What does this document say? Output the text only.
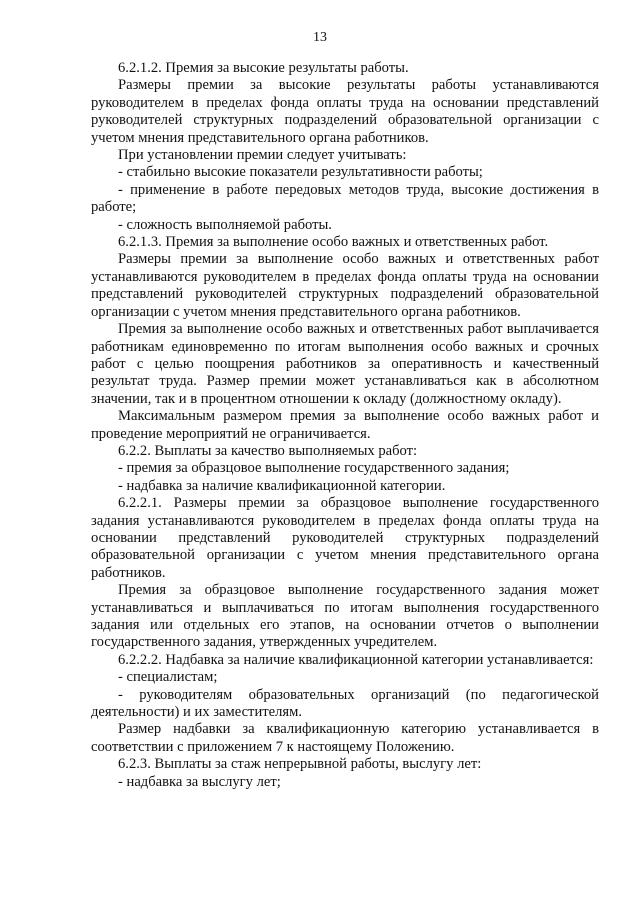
13

6.2.1.2. Премия за высокие результаты работы.

Размеры премии за высокие результаты работы устанавливаются руководителем в пределах фонда оплаты труда на основании представлений руководителей структурных подразделений образовательной организации с учетом мнения представительного органа работников.

При установлении премии следует учитывать:

- стабильно высокие показатели результативности работы;

- применение в работе передовых методов труда, высокие достижения в работе;

- сложность выполняемой работы.

6.2.1.3. Премия за выполнение особо важных и ответственных работ.

Размеры премии за выполнение особо важных и ответственных работ устанавливаются руководителем в пределах фонда оплаты труда на основании представлений руководителей структурных подразделений образовательной организации с учетом мнения представительного органа работников.

Премия за выполнение особо важных и ответственных работ выплачивается работникам единовременно по итогам выполнения особо важных и срочных работ с целью поощрения работников за оперативность и качественный результат труда. Размер премии может устанавливаться как в абсолютном значении, так и в процентном отношении к окладу (должностному окладу).

Максимальным размером премия за выполнение особо важных работ и проведение мероприятий не ограничивается.

6.2.2. Выплаты за качество выполняемых работ:

- премия за образцовое выполнение государственного задания;

- надбавка за наличие квалификационной категории.

6.2.2.1. Размеры премии за образцовое выполнение государственного задания устанавливаются руководителем в пределах фонда оплаты труда на основании представлений руководителей структурных подразделений образовательной организации с учетом мнения представительного органа работников.

Премия за образцовое выполнение государственного задания может устанавливаться и выплачиваться по итогам выполнения государственного задания или отдельных его этапов, на основании отчетов о выполнении государственного задания, утвержденных учредителем.

6.2.2.2. Надбавка за наличие квалификационной категории устанавливается:

- специалистам;

- руководителям образовательных организаций (по педагогической деятельности) и их заместителям.

Размер надбавки за квалификационную категорию устанавливается в соответствии с приложением 7 к настоящему Положению.

6.2.3. Выплаты за стаж непрерывной работы, выслугу лет:

- надбавка за выслугу лет;
